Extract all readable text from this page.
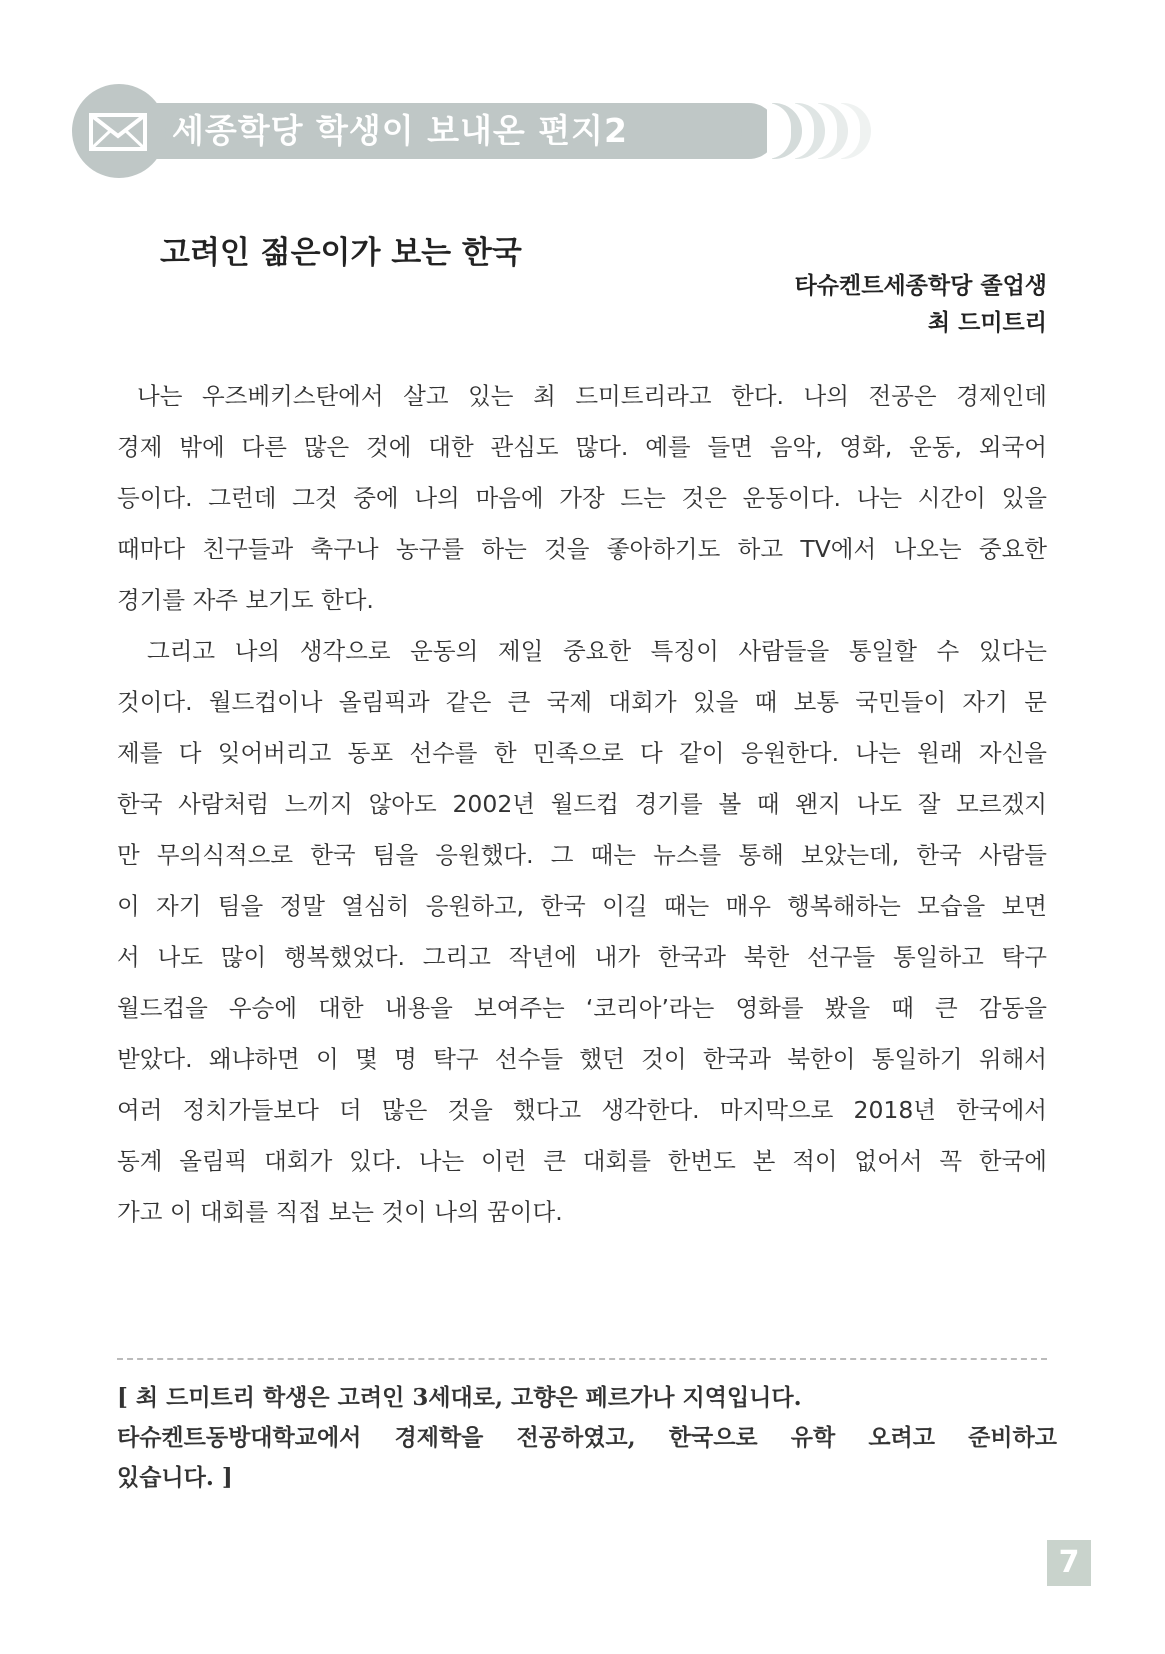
세종학당 학생이 보내온 편지2
고려인 젊은이가 보는 한국
타슈켄트세종학당 졸업생
최 드미트리
나는 우즈베키스탄에서 살고 있는 최 드미트리라고 한다. 나의 전공은 경제인데
경제 밖에 다른 많은 것에 대한 관심도 많다. 예를 들면 음악, 영화, 운동, 외국어
등이다. 그런데 그것 중에 나의 마음에 가장 드는 것은 운동이다. 나는 시간이 있을
때마다 친구들과 축구나 농구를 하는 것을 좋아하기도 하고 TV에서 나오는 중요한
경기를 자주 보기도 한다.
그리고 나의 생각으로 운동의 제일 중요한 특징이 사람들을 통일할 수 있다는
것이다. 월드컵이나 올림픽과 같은 큰 국제 대회가 있을 때 보통 국민들이 자기 문
제를 다 잊어버리고 동포 선수를 한 민족으로 다 같이 응원한다. 나는 원래 자신을
한국 사람처럼 느끼지 않아도 2002년 월드컵 경기를 볼 때 왠지 나도 잘 모르겠지
만 무의식적으로 한국 팀을 응원했다. 그 때는 뉴스를 통해 보았는데, 한국 사람들
이 자기 팀을 정말 열심히 응원하고, 한국 이길 때는 매우 행복해하는 모습을 보면
서 나도 많이 행복했었다. 그리고 작년에 내가 한국과 북한 선구들 통일하고 탁구
월드컵을 우승에 대한 내용을 보여주는 ‘코리아’라는 영화를 봤을 때 큰 감동을
받았다. 왜냐하면 이 몇 명 탁구 선수들 했던 것이 한국과 북한이 통일하기 위해서
여러 정치가들보다 더 많은 것을 했다고 생각한다. 마지막으로 2018년 한국에서
동계 올림픽 대회가 있다. 나는 이런 큰 대회를 한번도 본 적이 없어서 꼭 한국에
가고 이 대회를 직접 보는 것이 나의 꿈이다.
[ 최 드미트리 학생은 고려인 3세대로, 고향은 페르가나 지역입니다.
타슈켄트동방대학교에서 경제학을 전공하였고, 한국으로 유학 오려고 준비하고
있습니다. ]
7
